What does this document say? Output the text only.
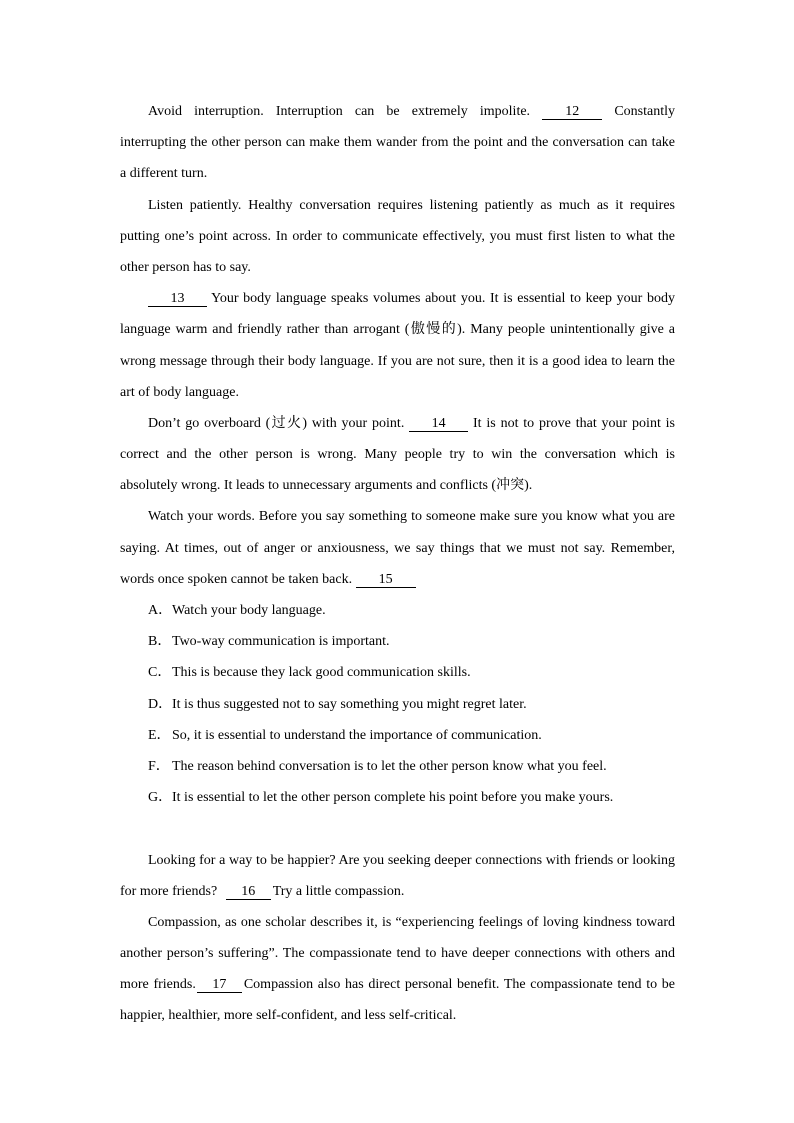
Avoid interruption. Interruption can be extremely impolite.	12	Constantly
interrupting the other person can make them wander from the point and the conversation can take
a different turn.
Listen patiently. Healthy conversation requires listening patiently as much as it requires
putting one’s point across. In order to communicate effectively, you must first listen to what the
other person has to say.
13 Your body language speaks volumes about you. It is essential to keep your body
language warm and friendly rather than arrogant (傲慢的). Many people unintentionally give a
wrong message through their body language. If you are not sure, then it is a good idea to learn the
art of body language.
Don’t go overboard (过火) with your point. 14 It is not to prove that your point is
correct and the other person is wrong. Many people try to win the conversation which is
absolutely wrong. It leads to unnecessary arguments and conflicts (冲突).
Watch your words. Before you say something to someone make sure you know what you are
saying. At times, out of anger or anxiousness, we say things that we must not say. Remember,
words once spoken cannot be taken back. 15
A．Watch your body language.
B．Two-way communication is important.
C．This is because they lack good communication skills.
D．It is thus suggested not to say something you might regret later.
E．So, it is essential to understand the importance of communication.
F． The reason behind conversation is to let the other person know what you feel.
G．It is essential to let the other person complete his point before you make yours.
Looking for a way to be happier? Are you seeking deeper connections with friends or looking
for more friends? 16 Try a little compassion.
Compassion, as one scholar describes it, is “experiencing feelings of loving kindness toward
another person’s suffering”. The compassionate tend to have deeper connections with others and
more friends. 17 Compassion also has direct personal benefit. The compassionate tend to be
happier, healthier, more self-confident, and less self-critical.
